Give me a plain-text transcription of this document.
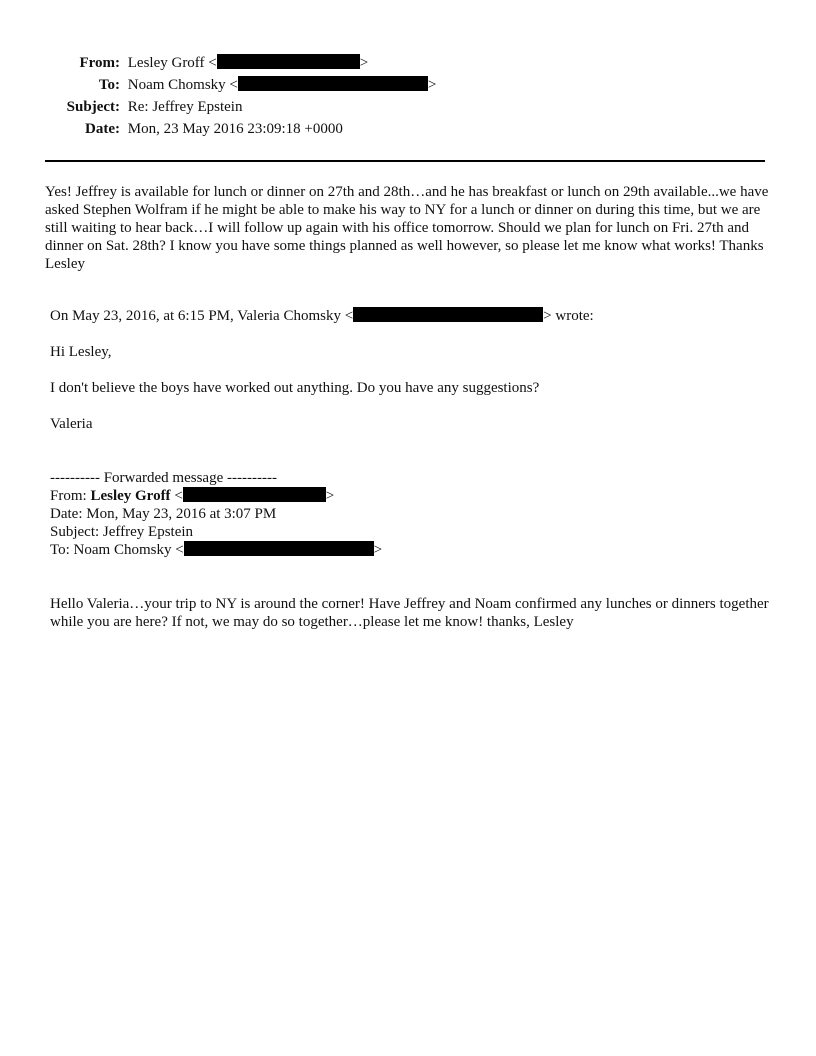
From: Lesley Groff <	>
To: Noam Chomsky <	>
Subject: Re: Jeffrey Epstein
Date: Mon, 23 May 2016 23:09:18 +0000

Yes! Jeffrey is available for lunch or dinner on 27th and 28th…and he has breakfast or lunch on 29th available...we have asked Stephen Wolfram if he might be able to make his way to NY for a lunch or dinner on during this time, but we are still waiting to hear back…I will follow up again with his office tomorrow. Should we plan for lunch on Fri. 27th and dinner on Sat. 28th? I know you have some things planned as well however, so please let me know what works! Thanks Lesley

On May 23, 2016, at 6:15 PM, Valeria Chomsky <	> wrote:
Hi Lesley,
I don't believe the boys have worked out anything. Do you have any suggestions?
Valeria
---------- Forwarded message ----------
From: Lesley Groff <	>
Date: Mon, May 23, 2016 at 3:07 PM
Subject: Jeffrey Epstein
To: Noam Chomsky <	>

Hello Valeria…your trip to NY is around the corner! Have Jeffrey and Noam confirmed any lunches or dinners together while you are here? If not, we may do so together…please let me know! thanks, Lesley
